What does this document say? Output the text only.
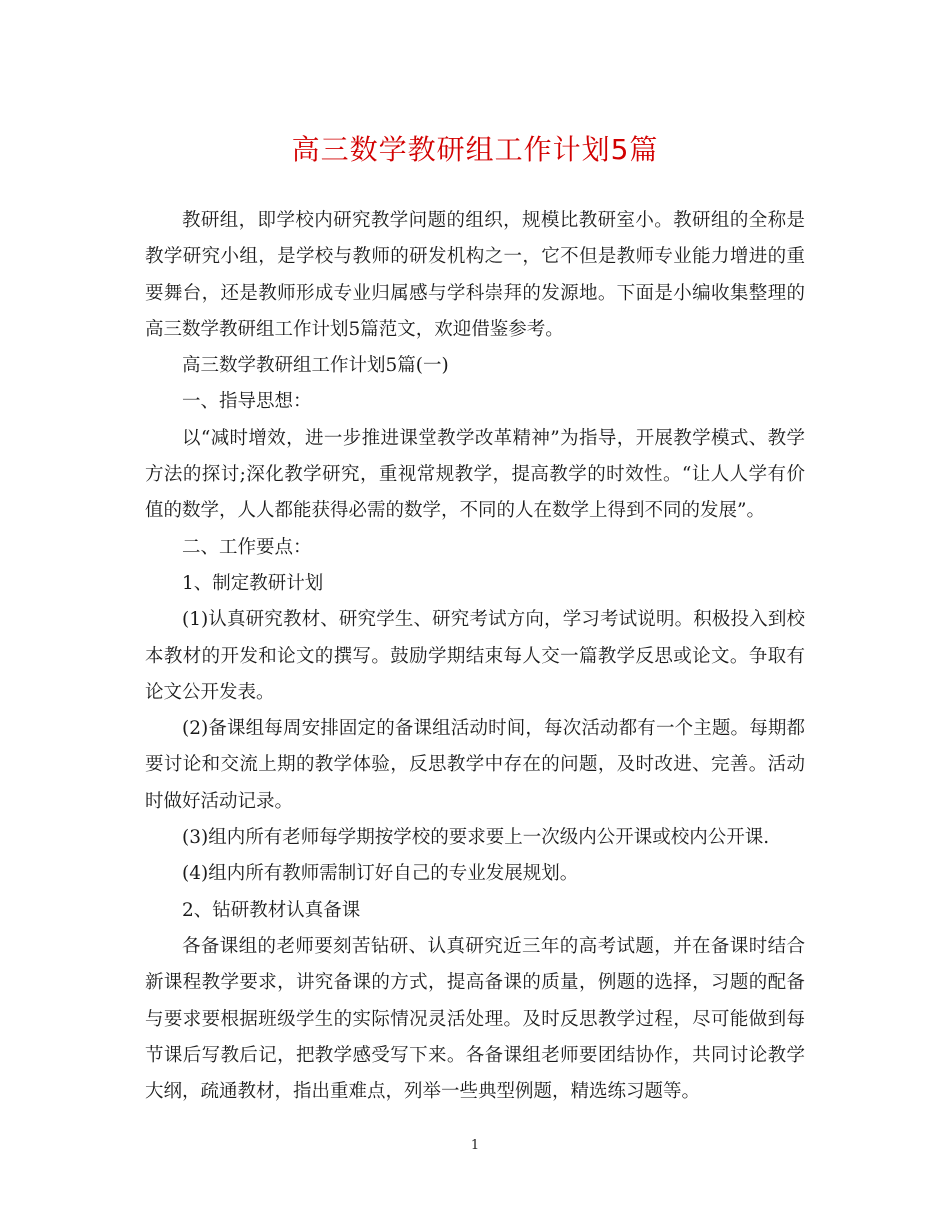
高三数学教研组工作计划5篇

教研组，即学校内研究教学问题的组织，规模比教研室小。教研组的全称是教学研究小组，是学校与教师的研发机构之一，它不但是教师专业能力增进的重要舞台，还是教师形成专业归属感与学科崇拜的发源地。下面是小编收集整理的高三数学教研组工作计划5篇范文，欢迎借鉴参考。

高三数学教研组工作计划5篇(一)

一、指导思想：

以“减时增效，进一步推进课堂教学改革精神”为指导，开展教学模式、教学方法的探讨;深化教学研究，重视常规教学，提高教学的时效性。“让人人学有价值的数学，人人都能获得必需的数学，不同的人在数学上得到不同的发展”。

二、工作要点：

1、制定教研计划

(1)认真研究教材、研究学生、研究考试方向，学习考试说明。积极投入到校本教材的开发和论文的撰写。鼓励学期结束每人交一篇教学反思或论文。争取有论文公开发表。

(2)备课组每周安排固定的备课组活动时间，每次活动都有一个主题。每期都要讨论和交流上期的教学体验，反思教学中存在的问题，及时改进、完善。活动时做好活动记录。

(3)组内所有老师每学期按学校的要求要上一次级内公开课或校内公开课.

(4)组内所有教师需制订好自己的专业发展规划。

2、钻研教材认真备课

各备课组的老师要刻苦钻研、认真研究近三年的高考试题，并在备课时结合新课程教学要求，讲究备课的方式，提高备课的质量，例题的选择，习题的配备与要求要根据班级学生的实际情况灵活处理。及时反思教学过程，尽可能做到每节课后写教后记，把教学感受写下来。各备课组老师要团结协作，共同讨论教学大纲，疏通教材，指出重难点，列举一些典型例题，精选练习题等。

1
